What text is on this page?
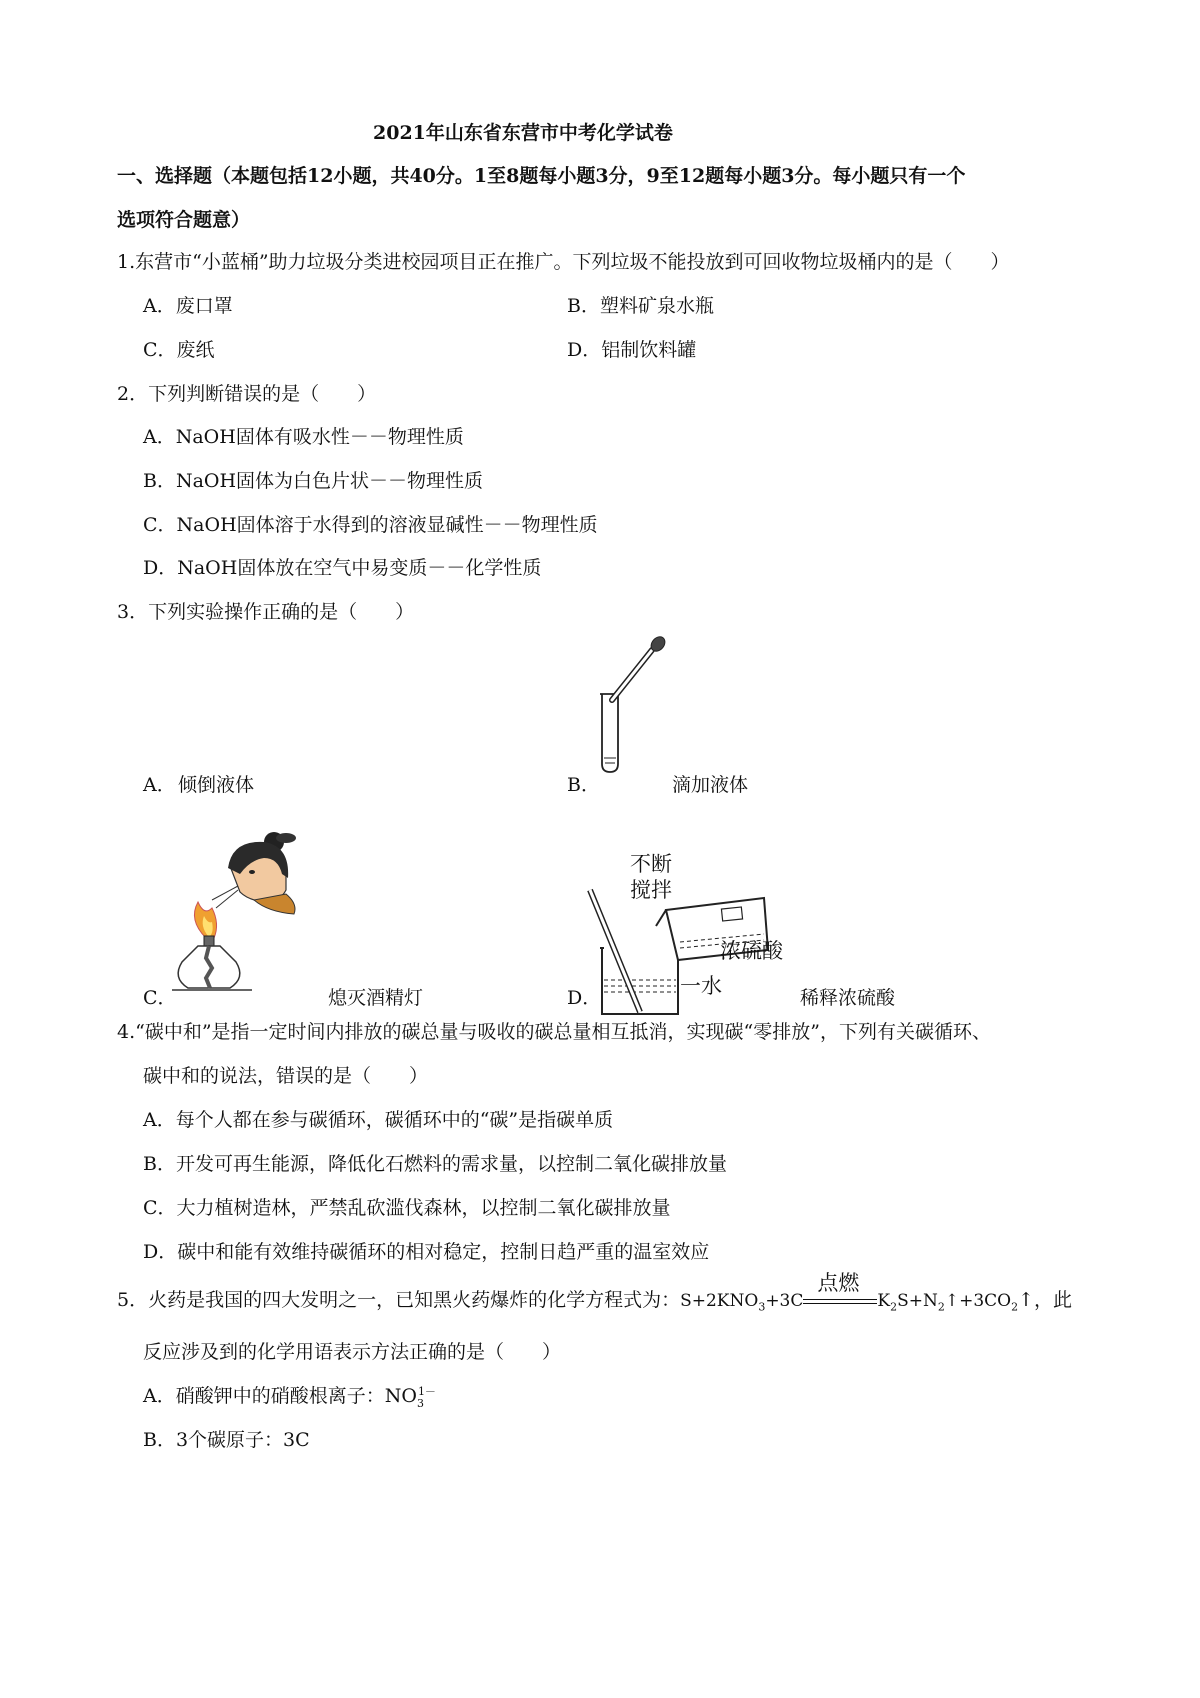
2021年山东省东营市中考化学试卷
一、选择题（本题包括12小题，共40分。1至8题每小题3分，9至12题每小题3分。每小题只有一个
选项符合题意）
1.东营市“小蓝桶”助力垃圾分类进校园项目正在推广。下列垃圾不能投放到可回收物垃圾桶内的是（　　）
A．废口罩	B．塑料矿泉水瓶
C．废纸	D．铝制饮料罐
2．下列判断错误的是（　　）
A．NaOH固体有吸水性－－物理性质
B．NaOH固体为白色片状－－物理性质
C．NaOH固体溶于水得到的溶液显碱性－－物理性质
D．NaOH固体放在空气中易变质－－化学性质
3．下列实验操作正确的是（　　）
A． 倾倒液体	B．	滴加液体
C．	熄灭酒精灯
不断
搅拌
浓硫酸
一水
D．	稀释浓硫酸
4.“碳中和”是指一定时间内排放的碳总量与吸收的碳总量相互抵消，实现碳“零排放”，下列有关碳循环、
碳中和的说法，错误的是（　　）
A．每个人都在参与碳循环，碳循环中的“碳”是指碳单质
B．开发可再生能源，降低化石燃料的需求量，以控制二氧化碳排放量
C．大力植树造林，严禁乱砍滥伐森林，以控制二氧化碳排放量
D．碳中和能有效维持碳循环的相对稳定，控制日趋严重的温室效应
5．火药是我国的四大发明之一，已知黑火药爆炸的化学方程式为：$S+2KNO_3+3C$
点燃
$K_2S+N_2↑+3CO_2↑$，此
反应涉及到的化学用语表示方法正确的是（　　）
A．硝酸钾中的硝酸根离子：$NO_3^{1-}$
B．3个碳原子：3C
